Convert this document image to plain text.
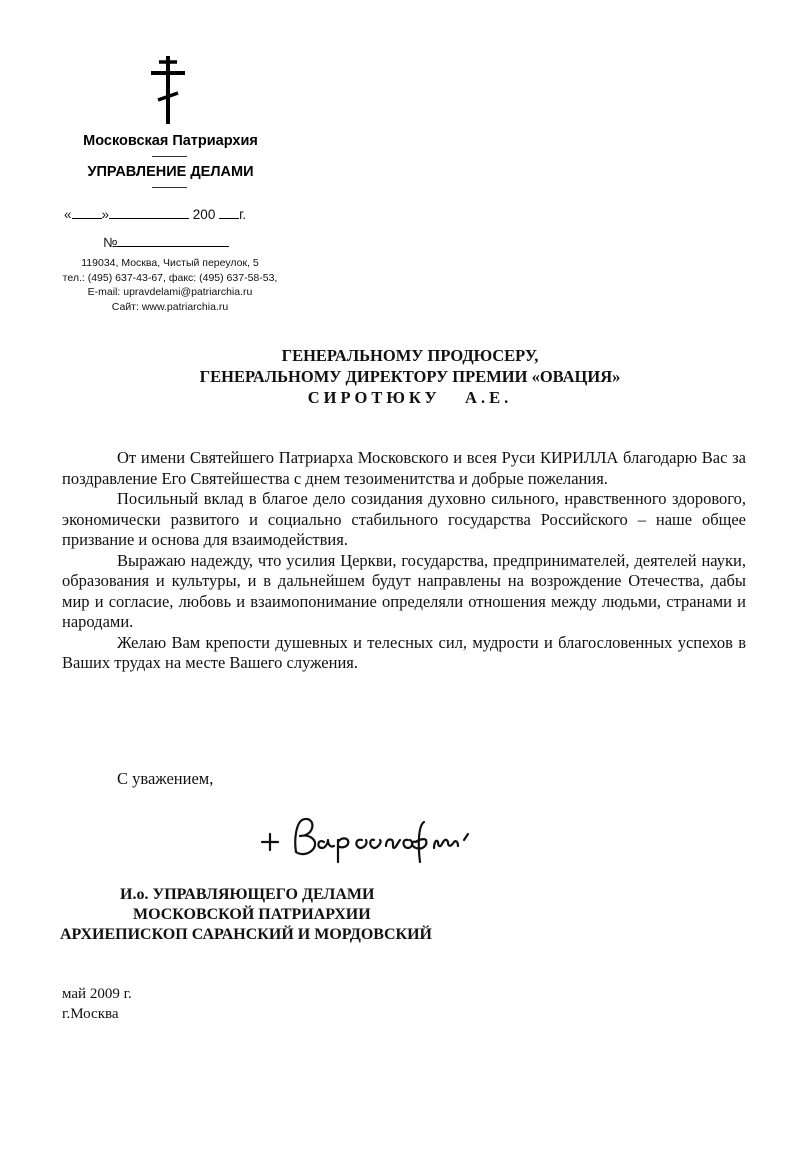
Московская Патриархия
УПРАВЛЕНИЕ ДЕЛАМИ
« »	200 г.
№
119034, Москва, Чистый переулок, 5
тел.: (495) 637-43-67, факс: (495) 637-58-53,
E-mail: upravdelami@patriarchia.ru
Сайт: www.patriarchia.ru
ГЕНЕРАЛЬНОМУ ПРОДЮСЕРУ,
ГЕНЕРАЛЬНОМУ ДИРЕКТОРУ ПРЕМИИ «ОВАЦИЯ»
СИРОТЮКУ   А.Е.

От имени Святейшего Патриарха Московского и всея Руси КИРИЛЛА благодарю Вас за поздравление Его Святейшества с днем тезоименитства и добрые пожелания.

Посильный вклад в благое дело созидания духовно сильного, нравственного здорового, экономически развитого и социально стабильного государства Российского – наше общее призвание и основа для взаимодействия.

Выражаю надежду, что усилия Церкви, государства, предпринимателей, деятелей науки, образования и культуры, и в дальнейшем будут направлены на возрождение Отечества, дабы мир и согласие, любовь и взаимопонимание определяли отношения между людьми, странами и народами.

Желаю Вам крепости душевных и телесных сил, мудрости и благословенных успехов в Ваших трудах на месте Вашего служения.

С уважением,
И.о. УПРАВЛЯЮЩЕГО ДЕЛАМИ
МОСКОВСКОЙ ПАТРИАРХИИ
АРХИЕПИСКОП САРАНСКИЙ И МОРДОВСКИЙ
май 2009 г.
г.Москва
